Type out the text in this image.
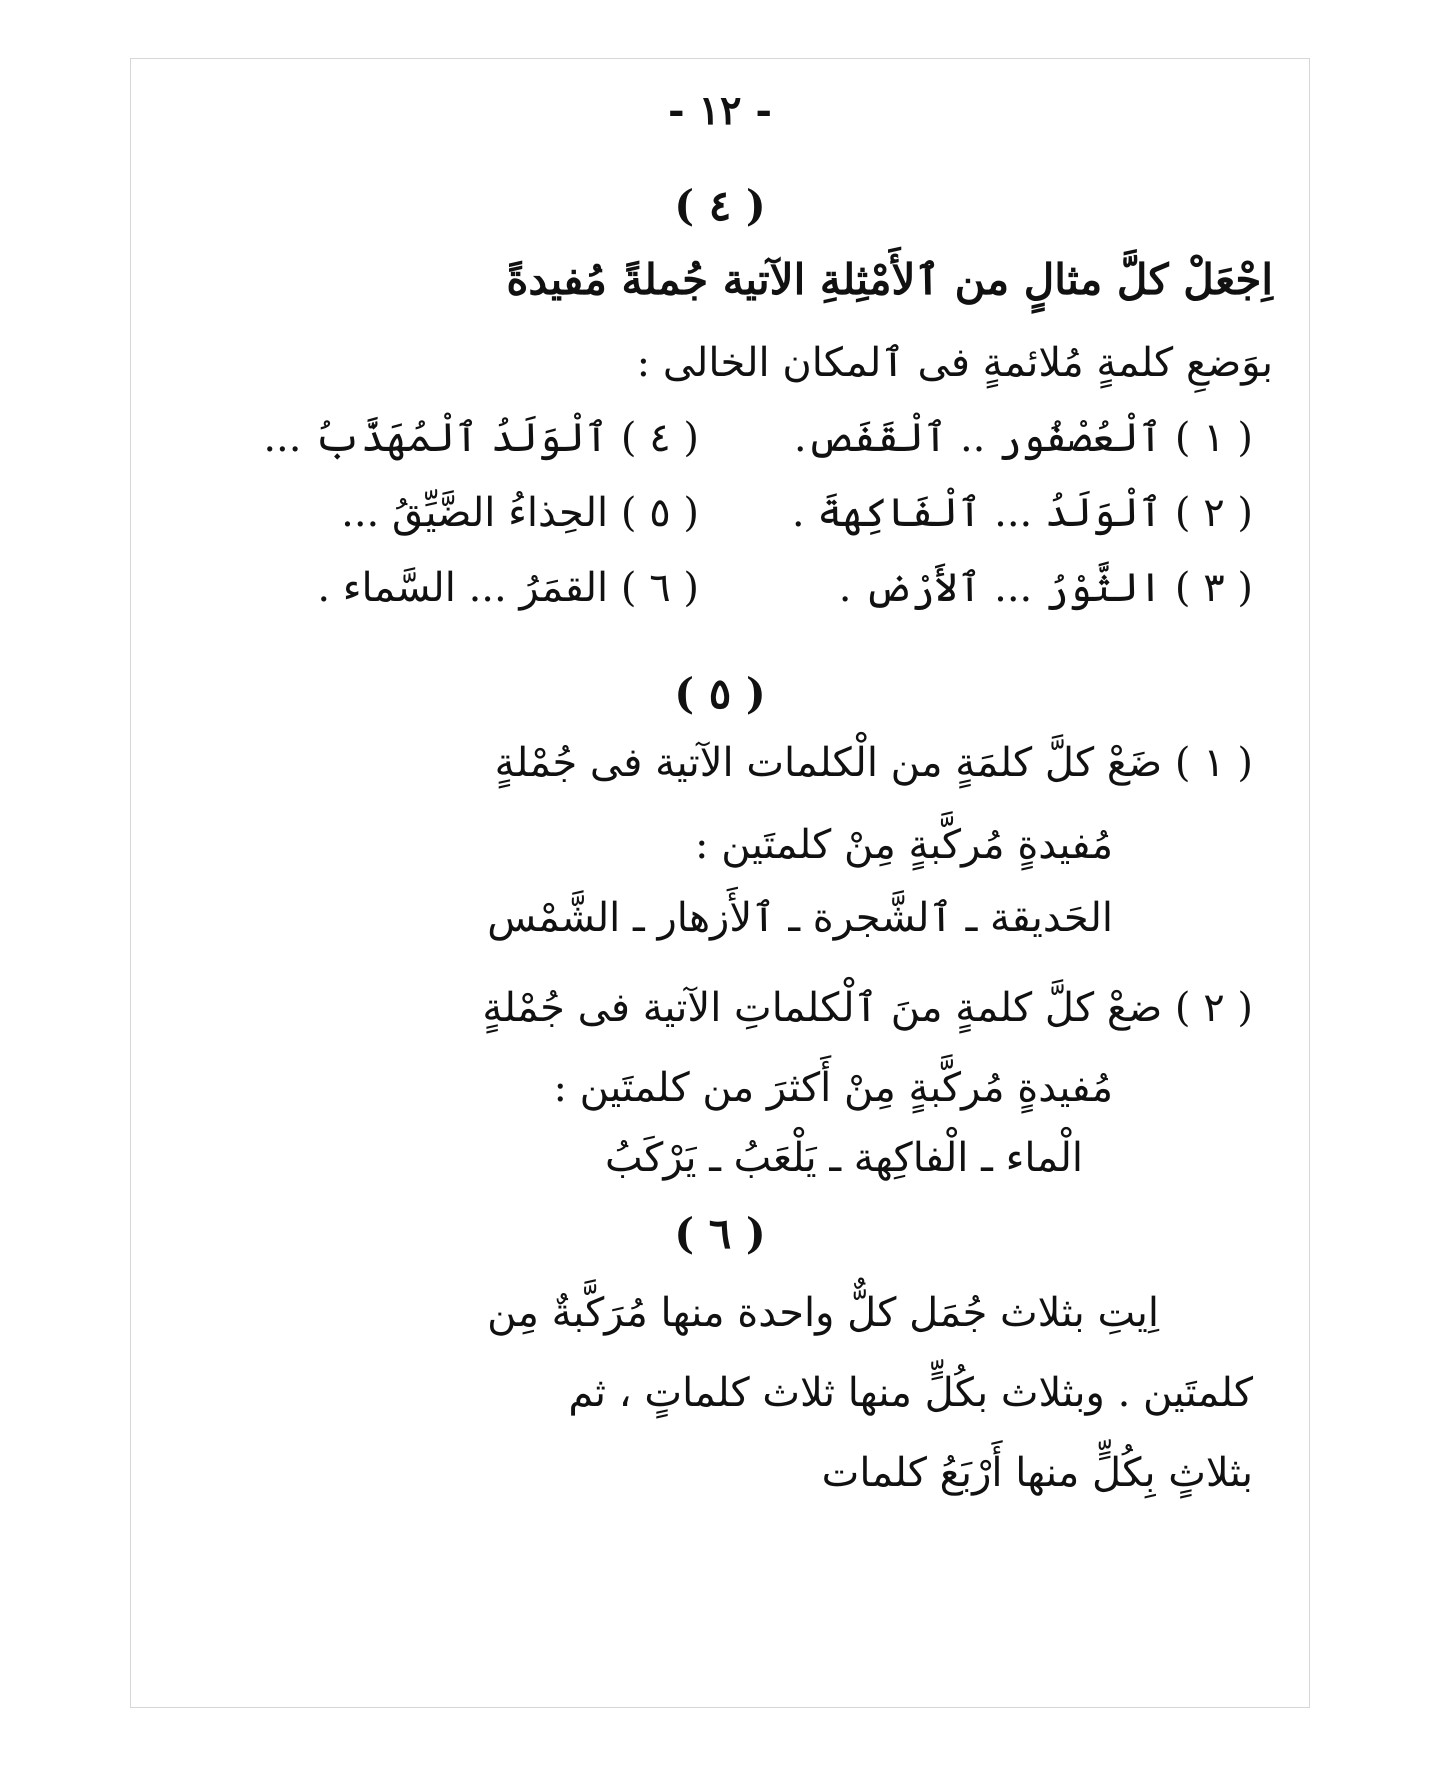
- ١٢ -
( ٤ )
اِجْعَلْ كلَّ مثالٍ من ٱلأَمْثِلةِ الآتية جُملةً مُفيدةً
بوَضعِ كلمةٍ مُلائمةٍ فى ٱلمكان الخالى :
( ١ ) ٱلْعُصْفُور .. ٱلْقَفَص.
( ٤ ) ٱلْوَلَدُ ٱلْمُهَذَّبُ ...
( ٢ ) ٱلْوَلَدُ ... ٱلْفَاكِهةَ .
( ٥ ) الحِذاءُ الضَّيِّقُ ...
( ٣ ) الثَّوْرُ ... ٱلأَرْض .
( ٦ ) القمَرُ ... السَّماء .
( ٥ )
( ١ ) ضَعْ كلَّ كلمَةٍ من الْكلمات الآتية فى جُمْلةٍ
مُفيدةٍ مُركَّبةٍ مِنْ كلمتَين :
الحَديقة ـ ٱلشَّجرة ـ ٱلأَزهار ـ الشَّمْس
( ٢ ) ضعْ كلَّ كلمةٍ منَ ٱلْكلماتِ الآتية فى جُمْلةٍ
مُفيدةٍ مُركَّبةٍ مِنْ أَكثرَ من كلمتَين :
الْماء ـ الْفاكِهة ـ يَلْعَبُ ـ يَرْكَبُ
( ٦ )
اِيتِ بثلاث جُمَل كلٌّ واحدة منها مُرَكَّبةٌ مِن
كلمتَين . وبثلاث بكُلٍّ منها ثلاث كلماتٍ ، ثم
بثلاثٍ بِكُلٍّ منها أَرْبَعُ كلمات
